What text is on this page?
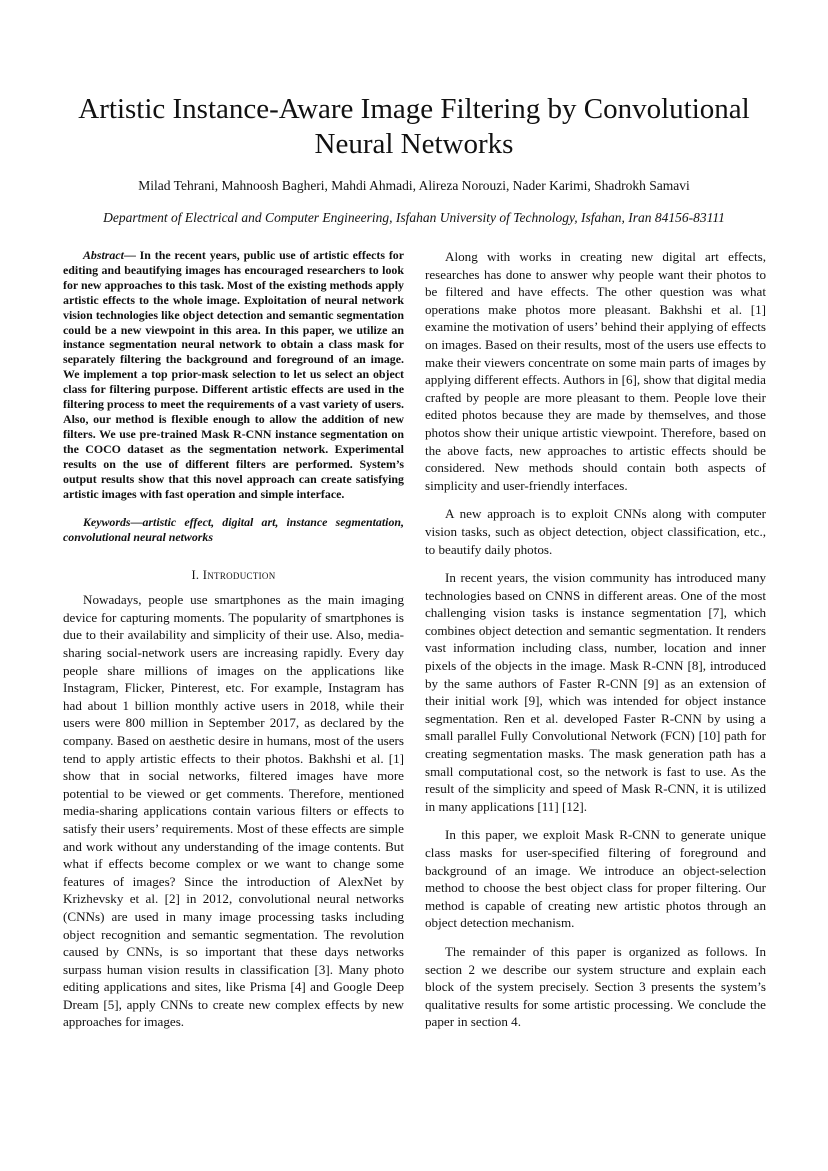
Artistic Instance-Aware Image Filtering by Convolutional Neural Networks
Milad Tehrani, Mahnoosh Bagheri, Mahdi Ahmadi, Alireza Norouzi, Nader Karimi, Shadrokh Samavi
Department of Electrical and Computer Engineering, Isfahan University of Technology, Isfahan, Iran 84156-83111

Abstract— In the recent years, public use of artistic effects for editing and beautifying images has encouraged researchers to look for new approaches to this task. Most of the existing methods apply artistic effects to the whole image. Exploitation of neural network vision technologies like object detection and semantic segmentation could be a new viewpoint in this area. In this paper, we utilize an instance segmentation neural network to obtain a class mask for separately filtering the background and foreground of an image. We implement a top prior-mask selection to let us select an object class for filtering purpose. Different artistic effects are used in the filtering process to meet the requirements of a vast variety of users. Also, our method is flexible enough to allow the addition of new filters. We use pre-trained Mask R-CNN instance segmentation on the COCO dataset as the segmentation network. Experimental results on the use of different filters are performed. System’s output results show that this novel approach can create satisfying artistic images with fast operation and simple interface.

Keywords—artistic effect, digital art, instance segmentation, convolutional neural networks

I. Introduction

Nowadays, people use smartphones as the main imaging device for capturing moments. The popularity of smartphones is due to their availability and simplicity of their use. Also, media-sharing social-network users are increasing rapidly. Every day people share millions of images on the applications like Instagram, Flicker, Pinterest, etc. For example, Instagram has had about 1 billion monthly active users in 2018, while their users were 800 million in September 2017, as declared by the company. Based on aesthetic desire in humans, most of the users tend to apply artistic effects to their photos. Bakhshi et al. [1] show that in social networks, filtered images have more potential to be viewed or get comments. Therefore, mentioned media-sharing applications contain various filters or effects to satisfy their users’ requirements. Most of these effects are simple and work without any understanding of the image contents. But what if effects become complex or we want to change some features of images? Since the introduction of AlexNet by Krizhevsky et al. [2] in 2012, convolutional neural networks (CNNs) are used in many image processing tasks including object recognition and semantic segmentation. The revolution caused by CNNs, is so important that these days networks surpass human vision results in classification [3]. Many photo editing applications and sites, like Prisma [4] and Google Deep Dream [5], apply CNNs to create new complex effects by new approaches for images.

Along with works in creating new digital art effects, researches has done to answer why people want their photos to be filtered and have effects. The other question was what operations make photos more pleasant. Bakhshi et al. [1] examine the motivation of users’ behind their applying of effects on images. Based on their results, most of the users use effects to make their viewers concentrate on some main parts of images by applying different effects. Authors in [6], show that digital media crafted by people are more pleasant to them. People love their edited photos because they are made by themselves, and those photos show their unique artistic viewpoint. Therefore, based on the above facts, new approaches to artistic effects should be considered. New methods should contain both aspects of simplicity and user-friendly interfaces.

A new approach is to exploit CNNs along with computer vision tasks, such as object detection, object classification, etc., to beautify daily photos.

In recent years, the vision community has introduced many technologies based on CNNS in different areas. One of the most challenging vision tasks is instance segmentation [7], which combines object detection and semantic segmentation. It renders vast information including class, number, location and inner pixels of the objects in the image. Mask R-CNN [8], introduced by the same authors of Faster R-CNN [9] as an extension of their initial work [9], which was intended for object instance segmentation. Ren et al. developed Faster R-CNN by using a small parallel Fully Convolutional Network (FCN) [10] path for creating segmentation masks. The mask generation path has a small computational cost, so the network is fast to use. As the result of the simplicity and speed of Mask R-CNN, it is utilized in many applications [11] [12].

In this paper, we exploit Mask R-CNN to generate unique class masks for user-specified filtering of foreground and background of an image. We introduce an object-selection method to choose the best object class for proper filtering. Our method is capable of creating new artistic photos through an object detection mechanism.

The remainder of this paper is organized as follows. In section 2 we describe our system structure and explain each block of the system precisely. Section 3 presents the system’s qualitative results for some artistic processing. We conclude the paper in section 4.
